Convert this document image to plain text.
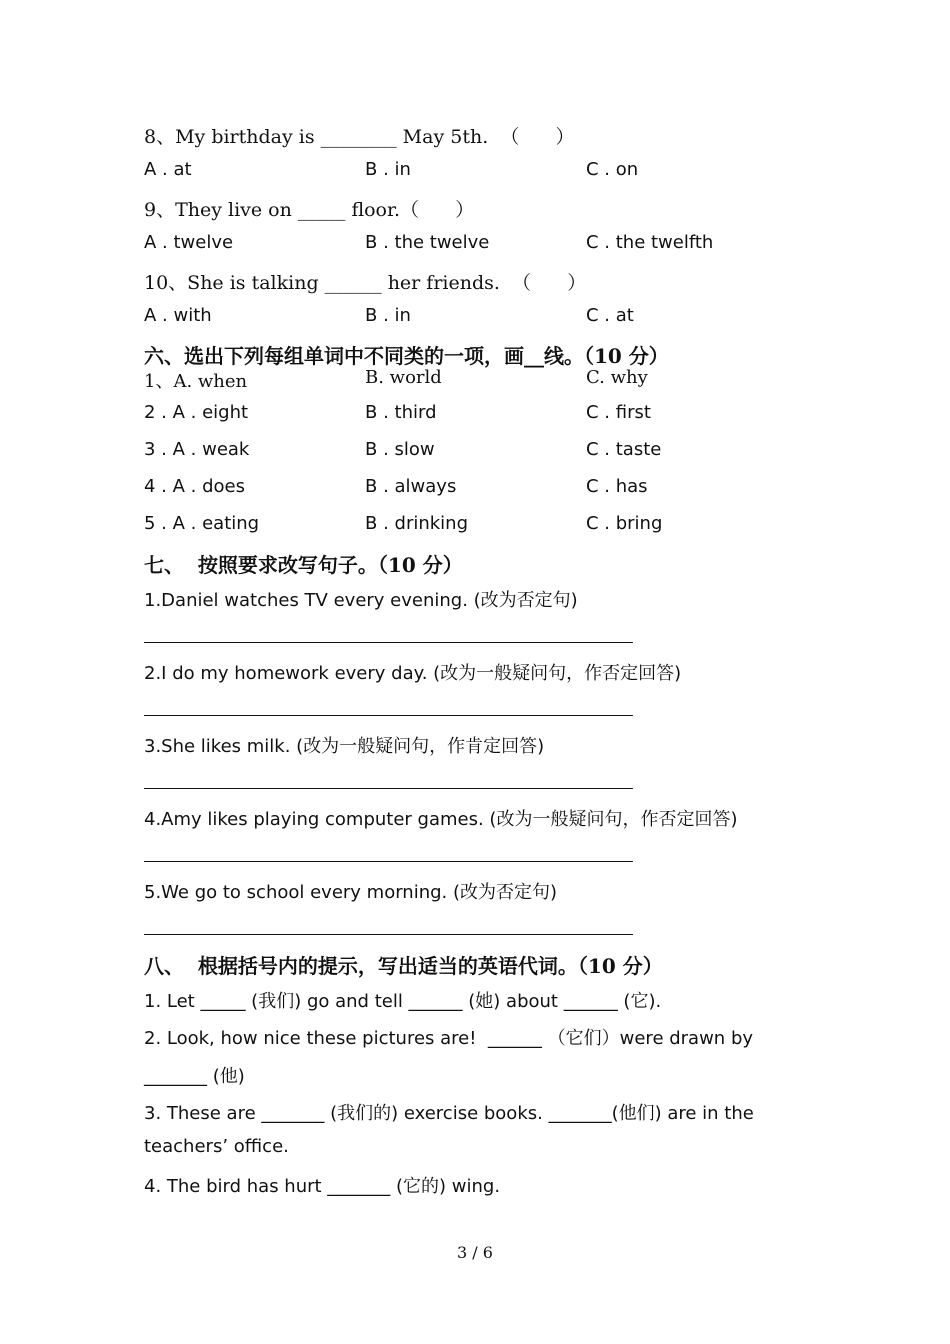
8、My birthday is ________ May 5th.  （      ）
A . at	B . in	C . on
9、They live on _____ floor.（      ）
A . twelve	B . the twelve	C . the twelfth
10、She is talking ______ her friends.  （      ）
A . with	B . in	C . at
六、选出下列每组单词中不同类的一项，画__线。（10 分）
1、A. when	B. world	C. why
2 . A . eight	B . third	C . first
3 . A . weak	B . slow	C . taste
4 . A . does	B . always	C . has
5 . A . eating	B . drinking	C . bring
七、  按照要求改写句子。（10 分）
1.Daniel watches TV every evening. (改为否定句)
2.I do my homework every day. (改为一般疑问句，作否定回答)
3.She likes milk. (改为一般疑问句，作肯定回答)
4.Amy likes playing computer games. (改为一般疑问句，作否定回答)
5.We go to school every morning. (改为否定句)
八、  根据括号内的提示，写出适当的英语代词。（10 分）
1. Let _____ (我们) go and tell ______ (她) about ______ (它).
2. Look, how nice these pictures are!  ______ （它们）were drawn by
_______ (他)
3. These are _______ (我们的) exercise books. _______(他们) are in the
teachers’ office.
4. The bird has hurt _______ (它的) wing.
3 / 6
